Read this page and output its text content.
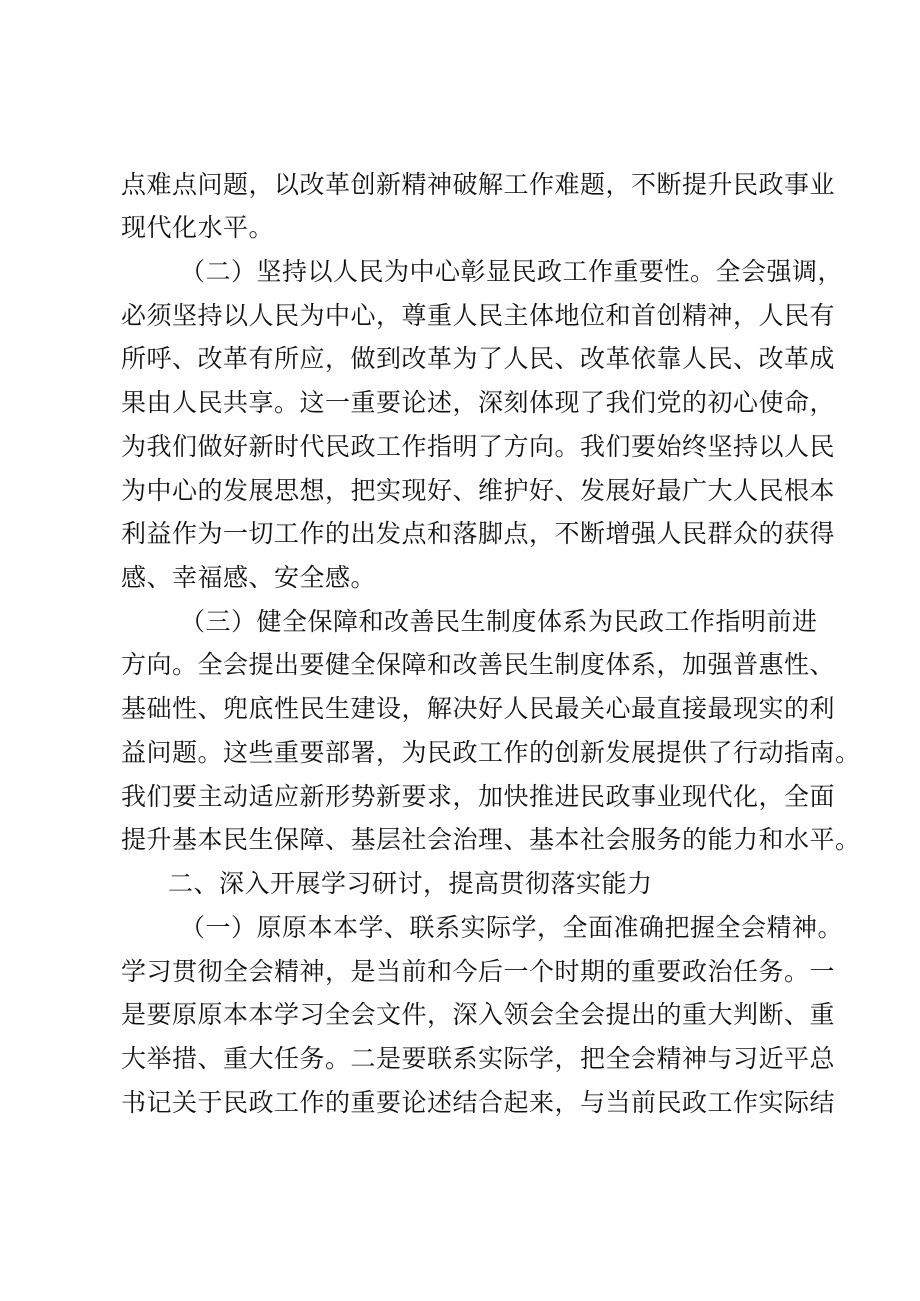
点难点问题，以改革创新精神破解工作难题，不断提升民政事业
现代化水平。
（二）坚持以人民为中心彰显民政工作重要性。全会强调，
必须坚持以人民为中心，尊重人民主体地位和首创精神，人民有
所呼、改革有所应，做到改革为了人民、改革依靠人民、改革成
果由人民共享。这一重要论述，深刻体现了我们党的初心使命，
为我们做好新时代民政工作指明了方向。我们要始终坚持以人民
为中心的发展思想，把实现好、维护好、发展好最广大人民根本
利益作为一切工作的出发点和落脚点，不断增强人民群众的获得
感、幸福感、安全感。
（三）健全保障和改善民生制度体系为民政工作指明前进
方向。全会提出要健全保障和改善民生制度体系，加强普惠性、
基础性、兜底性民生建设，解决好人民最关心最直接最现实的利
益问题。这些重要部署，为民政工作的创新发展提供了行动指南。
我们要主动适应新形势新要求，加快推进民政事业现代化，全面
提升基本民生保障、基层社会治理、基本社会服务的能力和水平。
二、深入开展学习研讨，提高贯彻落实能力
（一）原原本本学、联系实际学，全面准确把握全会精神。
学习贯彻全会精神，是当前和今后一个时期的重要政治任务。一
是要原原本本学习全会文件，深入领会全会提出的重大判断、重
大举措、重大任务。二是要联系实际学，把全会精神与习近平总
书记关于民政工作的重要论述结合起来，与当前民政工作实际结
